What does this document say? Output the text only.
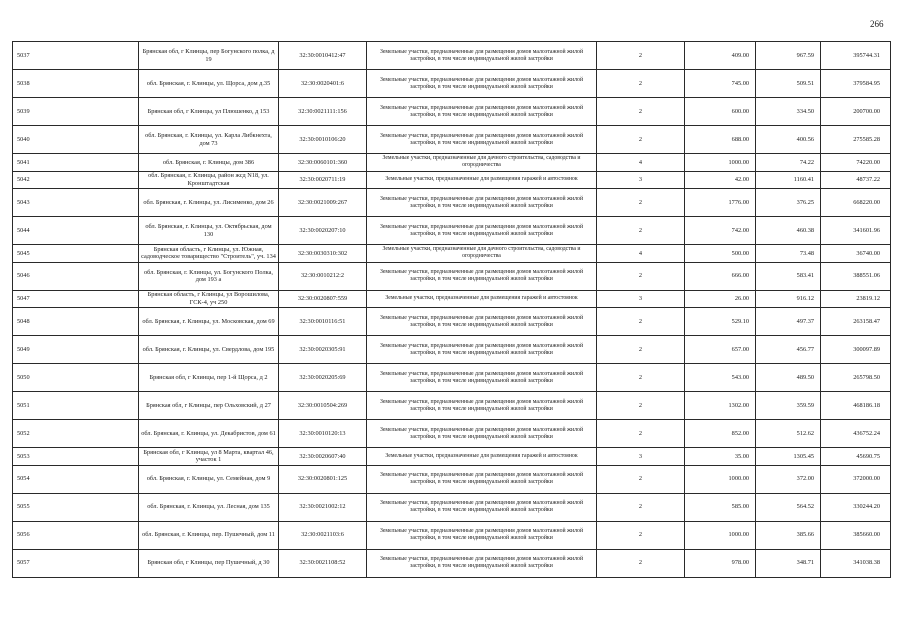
266
5037	Брянская обл, г Клинцы, пер Богунского полка, д 19	32:30:0010412:47	Земельные участки, предназначенные для размещения домов малоэтажной жилой застройки, в том числе индивидуальной жилой застройки	2	409.00	967.59	395744.31
5038	обл. Брянская, г. Клинцы, ул. Щорса, дом д.35	32:30:0020401:6	Земельные участки, предназначенные для размещения домов малоэтажной жилой застройки, в том числе индивидуальной жилой застройки	2	745.00	509.51	379584.95
5039	Брянская обл, г Клинцы, ул Плюшенко, д 153	32:30:0021111:156	Земельные участки, предназначенные для размещения домов малоэтажной жилой застройки, в том числе индивидуальной жилой застройки	2	600.00	334.50	200700.00
5040	обл. Брянская, г. Клинцы, ул. Карла Либкнехта, дом 73	32:30:0010106:20	Земельные участки, предназначенные для размещения домов малоэтажной жилой застройки, в том числе индивидуальной жилой застройки	2	688.00	400.56	275585.28
5041	обл. Брянская, г. Клинцы, дом 386	32:30:0060101:360	Земельные участки, предназначенные для дачного строительства, садоводства и огородничества	4	1000.00	74.22	74220.00
5042	обл. Брянская, г. Клинцы, район жсд N18, ул. Кронштадтская	32:30:0020711:19	Земельные участки, предназначенные для размещения гаражей и автостоянок	3	42.00	1160.41	48737.22
5043	обл. Брянская, г. Клинцы, ул. Лисименко, дом 26	32:30:0021009:267	Земельные участки, предназначенные для размещения домов малоэтажной жилой застройки, в том числе индивидуальной жилой застройки	2	1776.00	376.25	668220.00
5044	обл. Брянская, г. Клинцы, ул. Октябрьская, дом 130	32:30:0020207:10	Земельные участки, предназначенные для размещения домов малоэтажной жилой застройки, в том числе индивидуальной жилой застройки	2	742.00	460.38	341601.96
5045	Брянская область, г Клинцы, ул. Южная, садоводческое товарищество "Строитель", уч. 134	32:30:0030310:302	Земельные участки, предназначенные для дачного строительства, садоводства и огородничества	4	500.00	73.48	36740.00
5046	обл. Брянская, г. Клинцы, ул. Богунского Полка, дом 193 а	32:30:0010212:2	Земельные участки, предназначенные для размещения домов малоэтажной жилой застройки, в том числе индивидуальной жилой застройки	2	666.00	583.41	388551.06
5047	Брянская область, г Клинцы, ул Ворошилова, ГСК-4, уч 250	32:30:0020807:559	Земельные участки, предназначенные для размещения гаражей и автостоянок	3	26.00	916.12	23819.12
5048	обл. Брянская, г. Клинцы, ул. Московская, дом 69	32:30:0010116:51	Земельные участки, предназначенные для размещения домов малоэтажной жилой застройки, в том числе индивидуальной жилой застройки	2	529.10	497.37	263158.47
5049	обл. Брянская, г. Клинцы, ул. Свердлова, дом 195	32:30:0020305:91	Земельные участки, предназначенные для размещения домов малоэтажной жилой застройки, в том числе индивидуальной жилой застройки	2	657.00	456.77	300097.89
5050	Брянская обл, г Клинцы, пер 1-й Щорса, д 2	32:30:0020205:69	Земельные участки, предназначенные для размещения домов малоэтажной жилой застройки, в том числе индивидуальной жилой застройки	2	543.00	489.50	265798.50
5051	Брянская обл, г Клинцы, пер Ольховский, д 27	32:30:0010504:269	Земельные участки, предназначенные для размещения домов малоэтажной жилой застройки, в том числе индивидуальной жилой застройки	2	1302.00	359.59	468186.18
5052	обл. Брянская, г. Клинцы, ул. Декабристов, дом 61	32:30:0010120:13	Земельные участки, предназначенные для размещения домов малоэтажной жилой застройки, в том числе индивидуальной жилой застройки	2	852.00	512.62	436752.24
5053	Брянская обл, г Клинцы, ул 8 Марта, квартал 46, участок 1	32:30:0020607:40	Земельные участки, предназначенные для размещения гаражей и автостоянок	3	35.00	1305.45	45690.75
5054	обл. Брянская, г. Клинцы, ул. Семейная, дом 9	32:30:0020801:125	Земельные участки, предназначенные для размещения домов малоэтажной жилой застройки, в том числе индивидуальной жилой застройки	2	1000.00	372.00	372000.00
5055	обл. Брянская, г. Клинцы, ул. Лесная, дом 135	32:30:0021002:12	Земельные участки, предназначенные для размещения домов малоэтажной жилой застройки, в том числе индивидуальной жилой застройки	2	585.00	564.52	330244.20
5056	обл. Брянская, г. Клинцы, пер. Пушечный, дом 11	32:30:0021103:6	Земельные участки, предназначенные для размещения домов малоэтажной жилой застройки, в том числе индивидуальной жилой застройки	2	1000.00	385.66	385660.00
5057	Брянская обл, г Клинцы, пер Пушечный, д 30	32:30:0021108:52	Земельные участки, предназначенные для размещения домов малоэтажной жилой застройки, в том числе индивидуальной жилой застройки	2	978.00	348.71	341038.38
